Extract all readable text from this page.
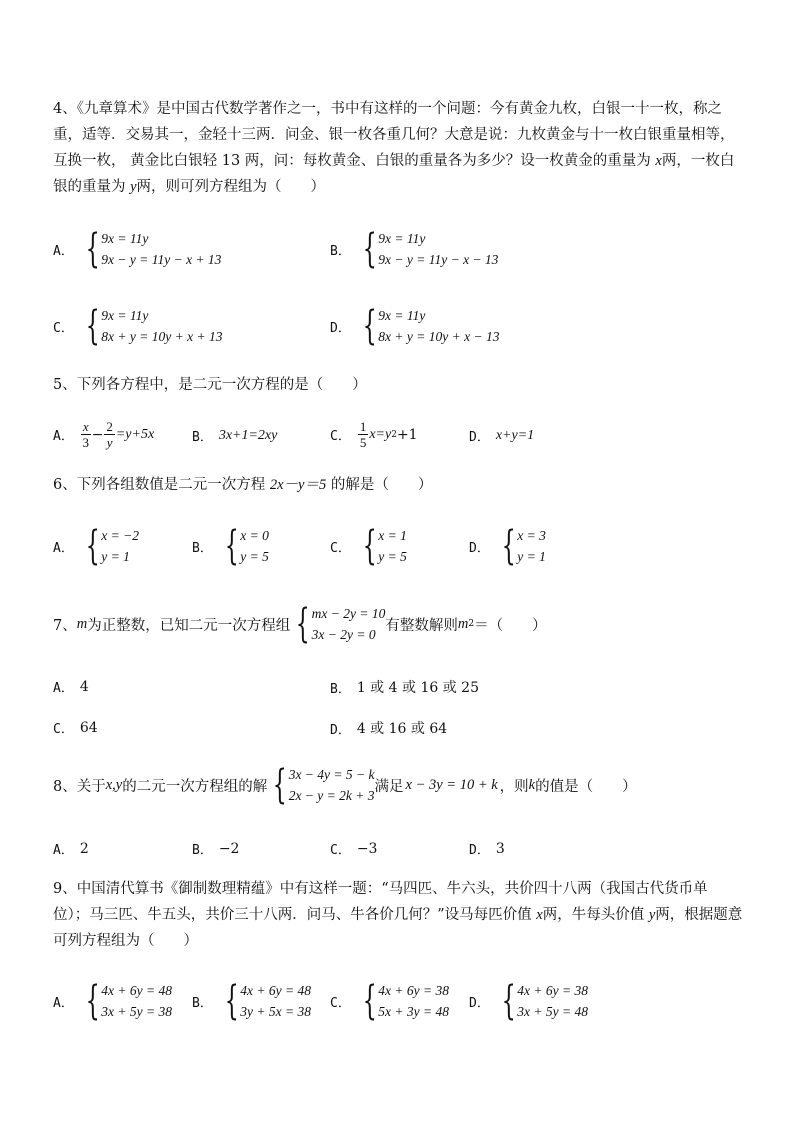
4、《九章算术》是中国古代数学著作之一，书中有这样的一个问题：今有黄金九枚，白银一十一枚，称之重，适等．交易其一，金轻十三两．问金、银一枚各重几何？大意是说：九枚黄金与十一枚白银重量相等，互换一枚， 黄金比白银轻 13 两，问：每枚黄金、白银的重量各为多少？设一枚黄金的重量为 x两，一枚白银的重量为 y两，则可列方程组为（　　）
A． { 9x = 11y
9x − y = 11y − x + 13
B． { 9x = 11y
9x − y = 11y − x − 13
C． { 9x = 11y
8x + y = 10y + x + 13
D． { 9x = 11y
8x + y = 10y + x − 13
5、下列各方程中，是二元一次方程的是（　　）
A． $\frac{x}{3} - \frac{2}{y} =y+5x$	B． 3x+1=2xy	C． $\frac{1}{5} x=y$ 2 +1	D． x+y=1
6、下列各组数值是二元一次方程 2x－y＝5 的解是（　　）
A． { x = −2
y = 1
B． { x = 0
y = 5
C． { x = 1
y = 5
D． { x = 3
y = 1
7、 m 为正整数，已知二元一次方程组 { mx − 2y = 10
3x − 2y = 0
有整数解则 m 2 ＝（　　）
A． 4	B． 1 或 4 或 16 或 25
C． 64	D． 4 或 16 或 64
8、关于 x,y 的二元一次方程组的解 { 3x − 4y = 5 − k
2x − y = 2k + 3
满足 x − 3y = 10 + k ，则 k 的值是（　　）
A． 2	B． −2	C． −3	D． 3
9、中国清代算书《御制数理精蕴》中有这样一题：“马四匹、牛六头，共价四十八两（我国古代货币单位）；马三匹、牛五头，共价三十八两．问马、牛各价几何？”设马每匹价值 x两，牛每头价值 y两，根据题意可列方程组为（　　）
A． { 4x + 6y = 48
3x + 5y = 38
B． { 4x + 6y = 48
3y + 5x = 38
C． { 4x + 6y = 38
5x + 3y = 48
D． { 4x + 6y = 38
3x + 5y = 48
